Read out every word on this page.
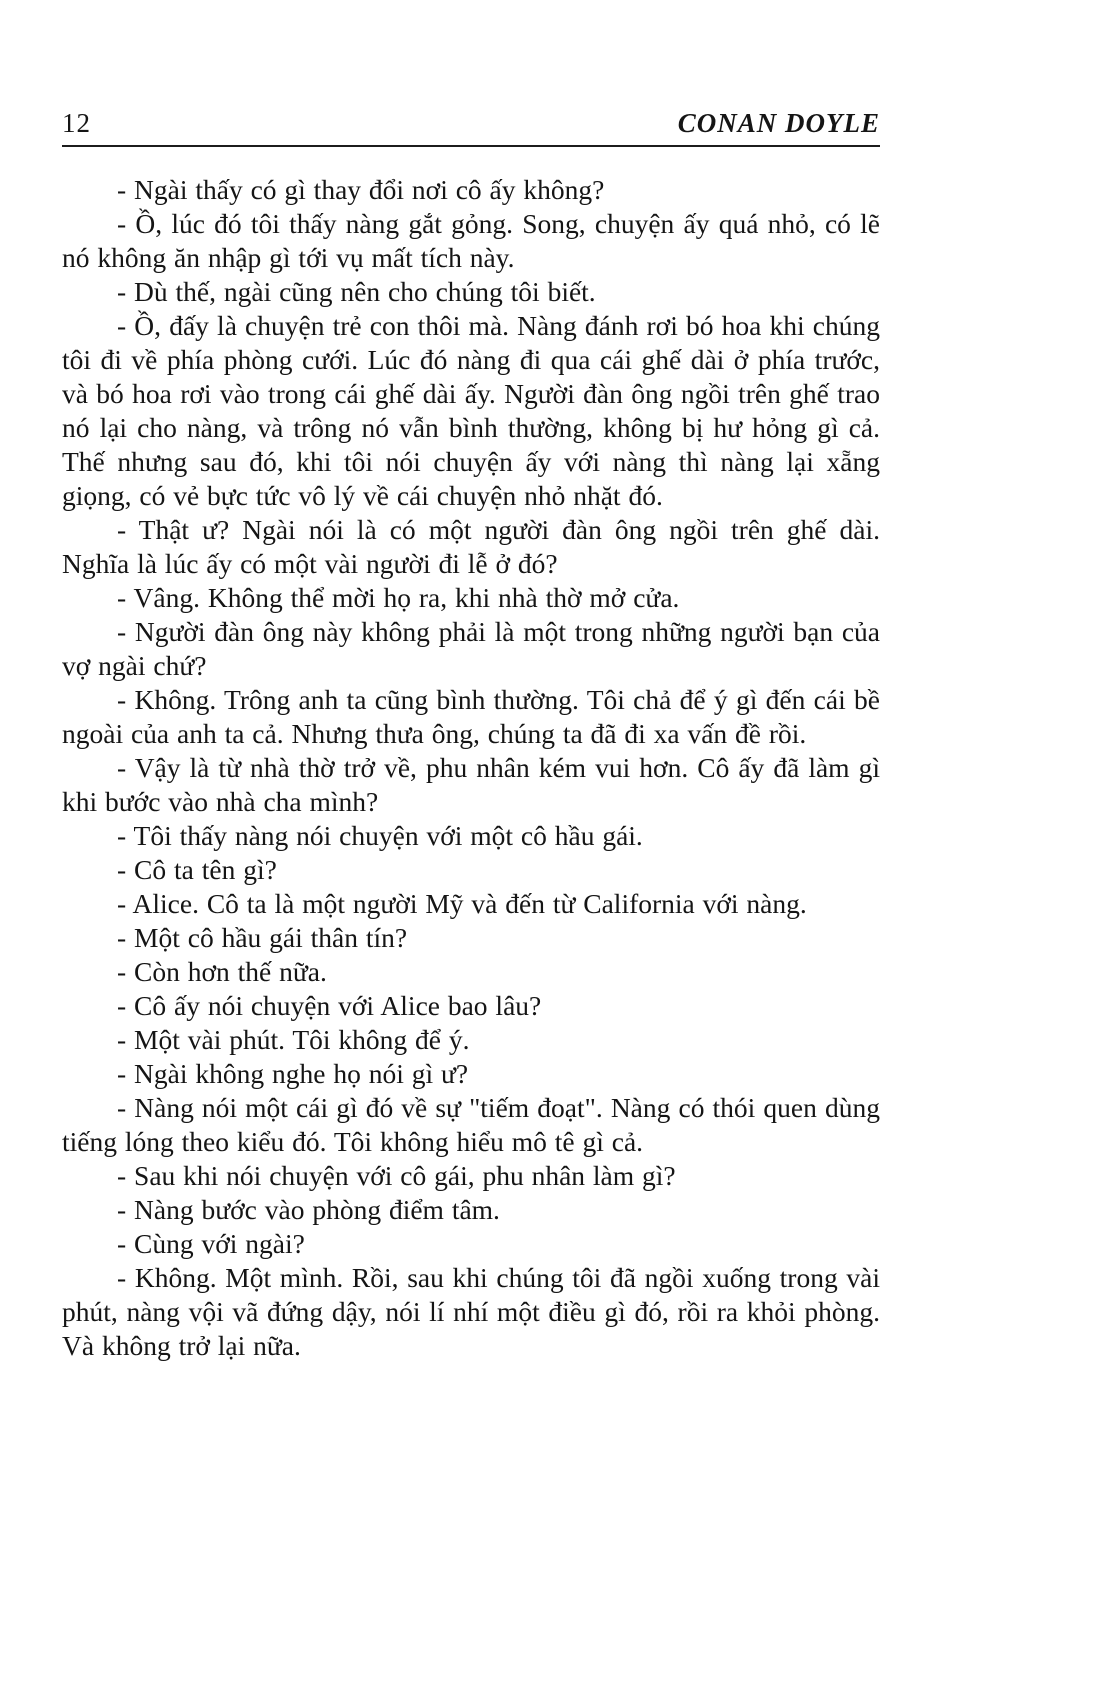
12	CONAN DOYLE

- Ngài thấy có gì thay đổi nơi cô ấy không?

- Ồ, lúc đó tôi thấy nàng gắt gỏng. Song, chuyện ấy quá nhỏ, có lẽ nó không ăn nhập gì tới vụ mất tích này.

- Dù thế, ngài cũng nên cho chúng tôi biết.

- Ồ, đấy là chuyện trẻ con thôi mà. Nàng đánh rơi bó hoa khi chúng tôi đi về phía phòng cưới. Lúc đó nàng đi qua cái ghế dài ở phía trước, và bó hoa rơi vào trong cái ghế dài ấy. Người đàn ông ngồi trên ghế trao nó lại cho nàng, và trông nó vẫn bình thường, không bị hư hỏng gì cả. Thế nhưng sau đó, khi tôi nói chuyện ấy với nàng thì nàng lại xẵng giọng, có vẻ bực tức vô lý về cái chuyện nhỏ nhặt đó.

- Thật ư? Ngài nói là có một người đàn ông ngồi trên ghế dài. Nghĩa là lúc ấy có một vài người đi lễ ở đó?

- Vâng. Không thể mời họ ra, khi nhà thờ mở cửa.

- Người đàn ông này không phải là một trong những người bạn của vợ ngài chứ?

- Không. Trông anh ta cũng bình thường. Tôi chả để ý gì đến cái bề ngoài của anh ta cả. Nhưng thưa ông, chúng ta đã đi xa vấn đề rồi.

- Vậy là từ nhà thờ trở về, phu nhân kém vui hơn. Cô ấy đã làm gì khi bước vào nhà cha mình?

- Tôi thấy nàng nói chuyện với một cô hầu gái.

- Cô ta tên gì?

- Alice. Cô ta là một người Mỹ và đến từ California với nàng.

- Một cô hầu gái thân tín?

- Còn hơn thế nữa.

- Cô ấy nói chuyện với Alice bao lâu?

- Một vài phút. Tôi không để ý.

- Ngài không nghe họ nói gì ư?

- Nàng nói một cái gì đó về sự "tiếm đoạt". Nàng có thói quen dùng tiếng lóng theo kiểu đó. Tôi không hiểu mô tê gì cả.

- Sau khi nói chuyện với cô gái, phu nhân làm gì?

- Nàng bước vào phòng điểm tâm.

- Cùng với ngài?

- Không. Một mình. Rồi, sau khi chúng tôi đã ngồi xuống trong vài phút, nàng vội vã đứng dậy, nói lí nhí một điều gì đó, rồi ra khỏi phòng. Và không trở lại nữa.
